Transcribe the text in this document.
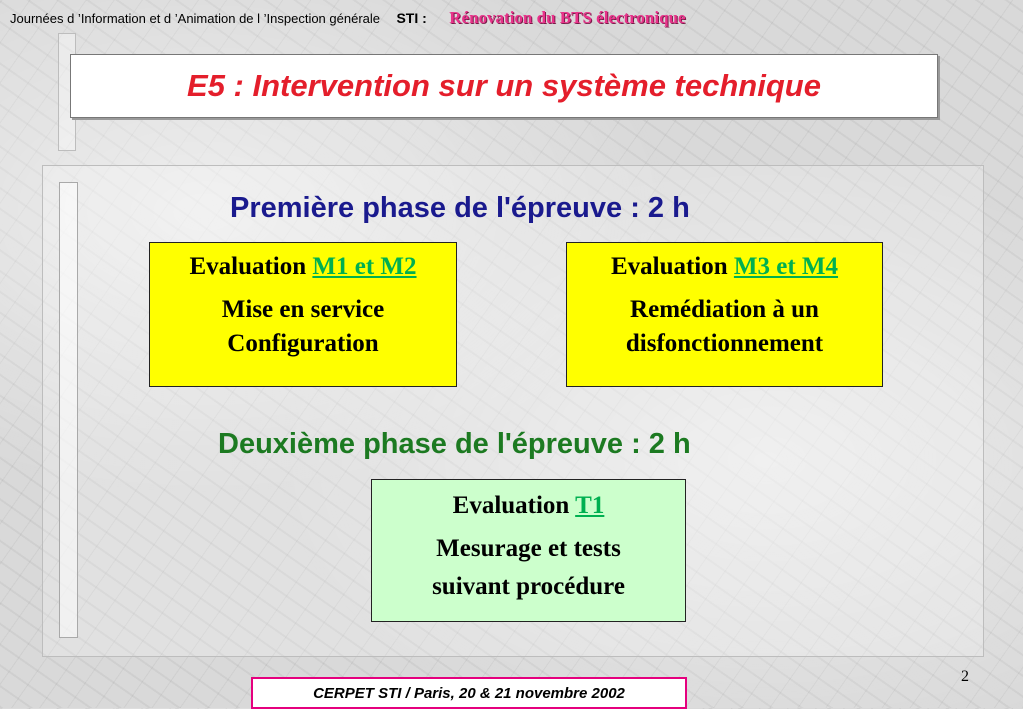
Journées d ’Information et d ’Animation de l ’Inspection générale STI : Rénovation du BTS électronique
E5 : Intervention sur un système technique
Première phase de l'épreuve : 2 h
Evaluation M1 et M2
Mise en service
Configuration
Evaluation M3 et M4
Remédiation à un
disfonctionnement
Deuxième phase de l'épreuve : 2 h
Evaluation T1
Mesurage et tests
suivant procédure
2
CERPET STI / Paris, 20 & 21 novembre 2002
